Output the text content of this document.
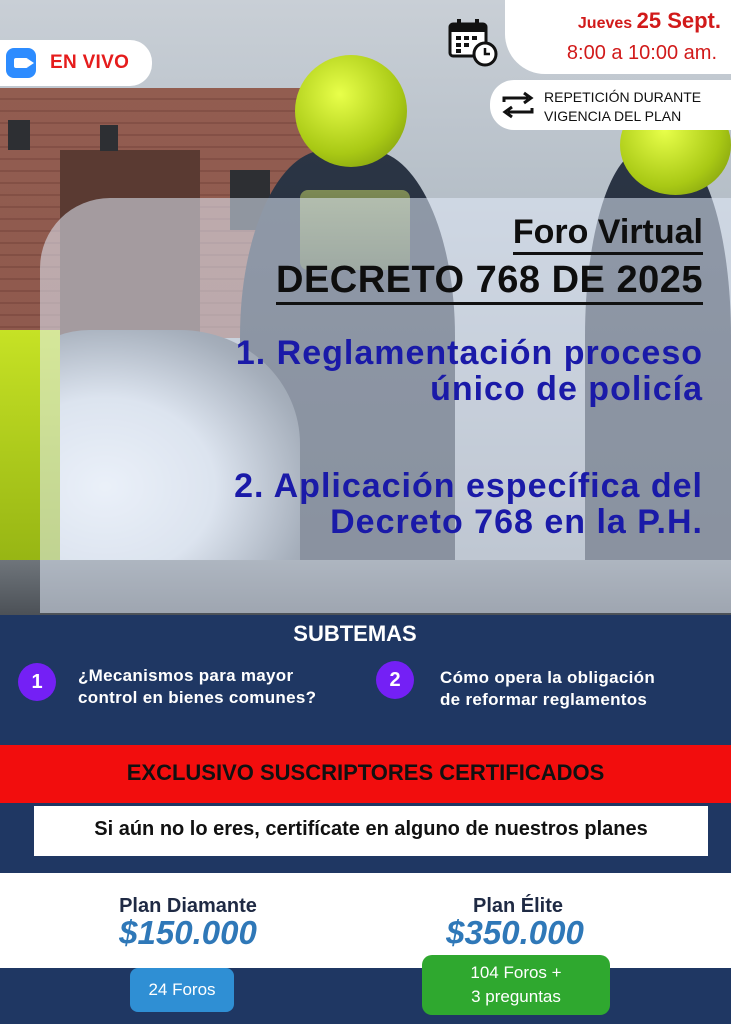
EN VIVO
Jueves 25 Sept.
8:00 a 10:00 am.
REPETICIÓN DURANTE
VIGENCIA DEL PLAN
Foro Virtual
DECRETO 768 DE 2025
1. Reglamentación proceso
único de policía
2. Aplicación específica del
Decreto 768 en la P.H.
SUBTEMAS
1	¿Mecanismos para mayor
control en bienes comunes?
2	Cómo opera la obligación
de reformar reglamentos
EXCLUSIVO SUSCRIPTORES CERTIFICADOS
Si aún no lo eres, certifícate en alguno de nuestros planes
Plan Diamante
$150.000
24 Foros
Plan Élite
$350.000
104 Foros +
3 preguntas
